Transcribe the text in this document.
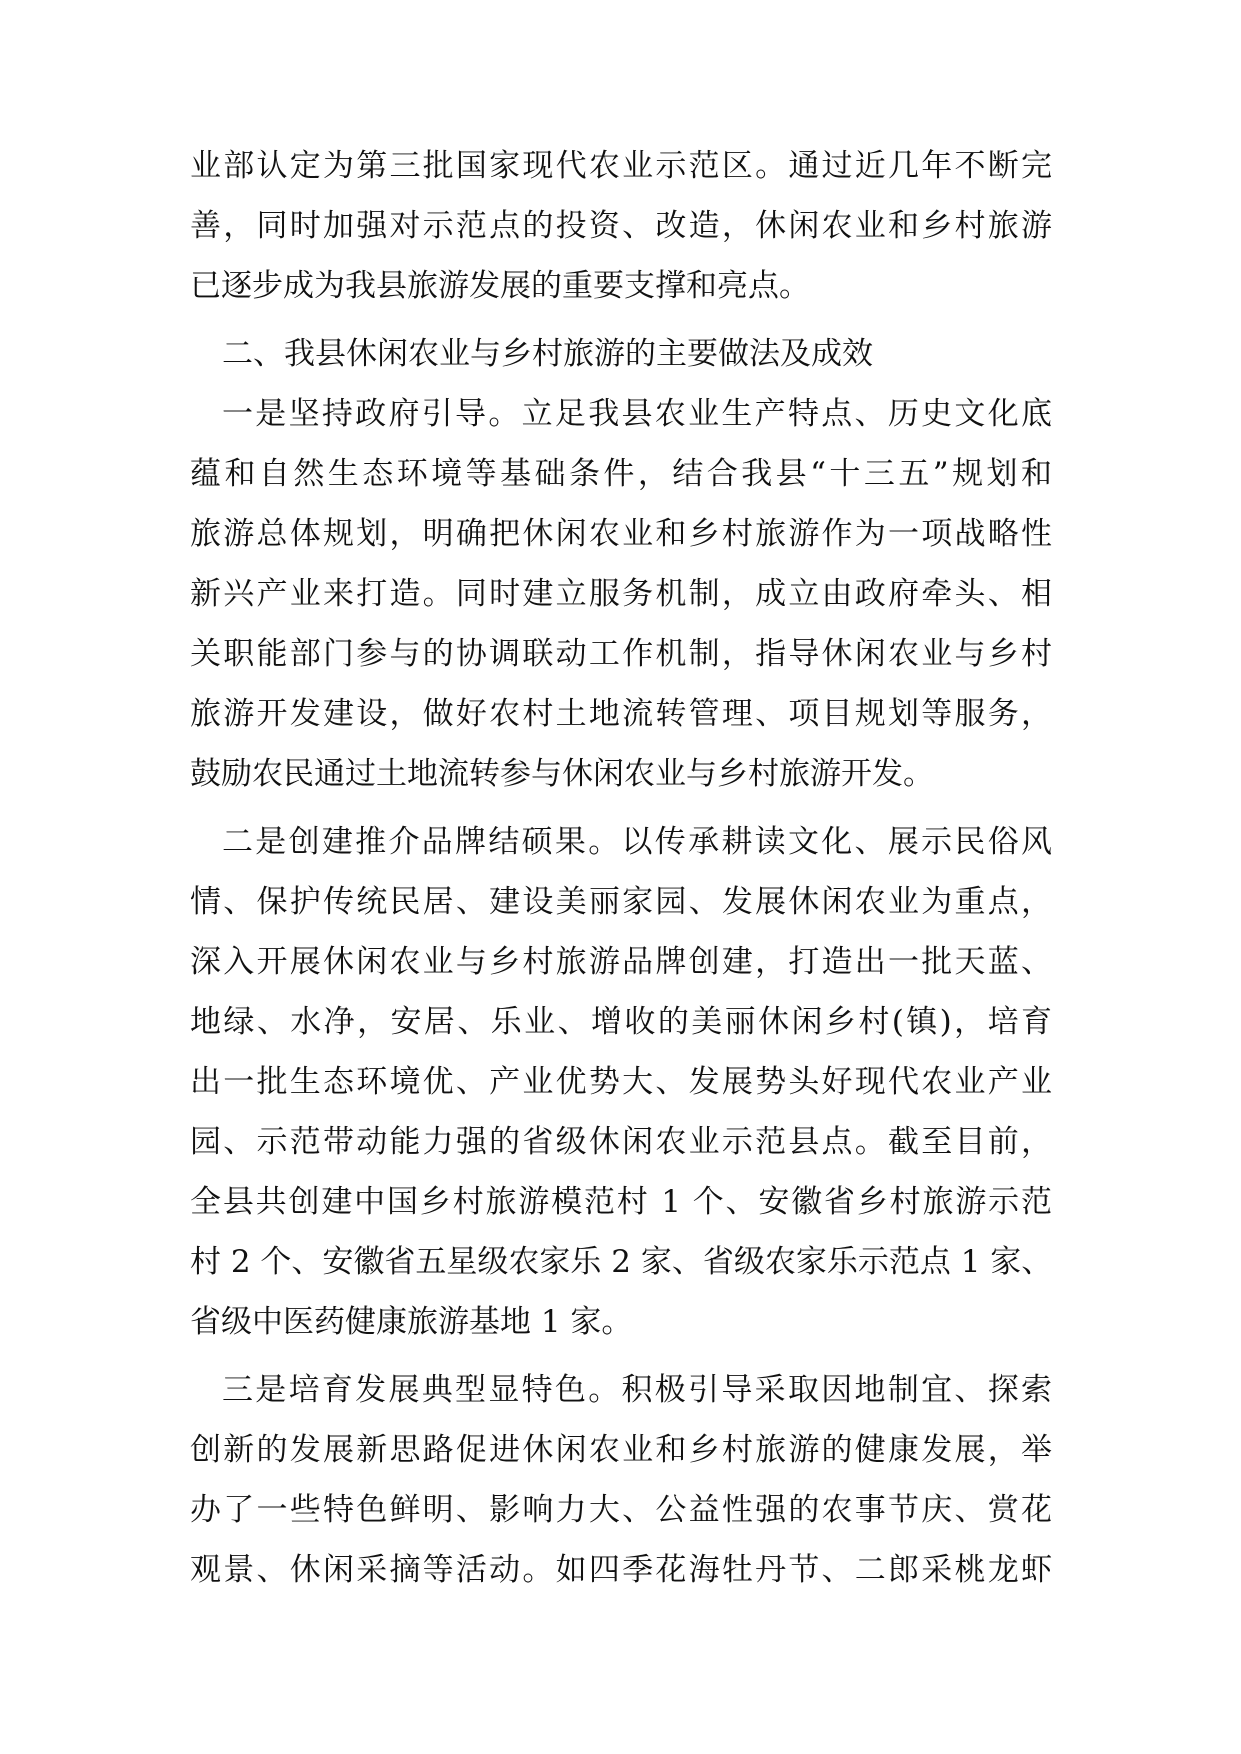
业部认定为第三批国家现代农业示范区。通过近几年不断完
善，同时加强对示范点的投资、改造，休闲农业和乡村旅游
已逐步成为我县旅游发展的重要支撑和亮点。
二、我县休闲农业与乡村旅游的主要做法及成效
一是坚持政府引导。立足我县农业生产特点、历史文化底
蕴和自然生态环境等基础条件，结合我县“十三五”规划和
旅游总体规划，明确把休闲农业和乡村旅游作为一项战略性
新兴产业来打造。同时建立服务机制，成立由政府牵头、相
关职能部门参与的协调联动工作机制，指导休闲农业与乡村
旅游开发建设，做好农村土地流转管理、项目规划等服务，
鼓励农民通过土地流转参与休闲农业与乡村旅游开发。
二是创建推介品牌结硕果。以传承耕读文化、展示民俗风
情、保护传统民居、建设美丽家园、发展休闲农业为重点，
深入开展休闲农业与乡村旅游品牌创建，打造出一批天蓝、
地绿、水净，安居、乐业、增收的美丽休闲乡村(镇)，培育
出一批生态环境优、产业优势大、发展势头好现代农业产业
园、示范带动能力强的省级休闲农业示范县点。截至目前，
全县共创建中国乡村旅游模范村 1 个、安徽省乡村旅游示范
村 2 个、安徽省五星级农家乐 2 家、省级农家乐示范点 1 家、
省级中医药健康旅游基地 1 家。
三是培育发展典型显特色。积极引导采取因地制宜、探索
创新的发展新思路促进休闲农业和乡村旅游的健康发展，举
办了一些特色鲜明、影响力大、公益性强的农事节庆、赏花
观景、休闲采摘等活动。如四季花海牡丹节、二郎采桃龙虾
